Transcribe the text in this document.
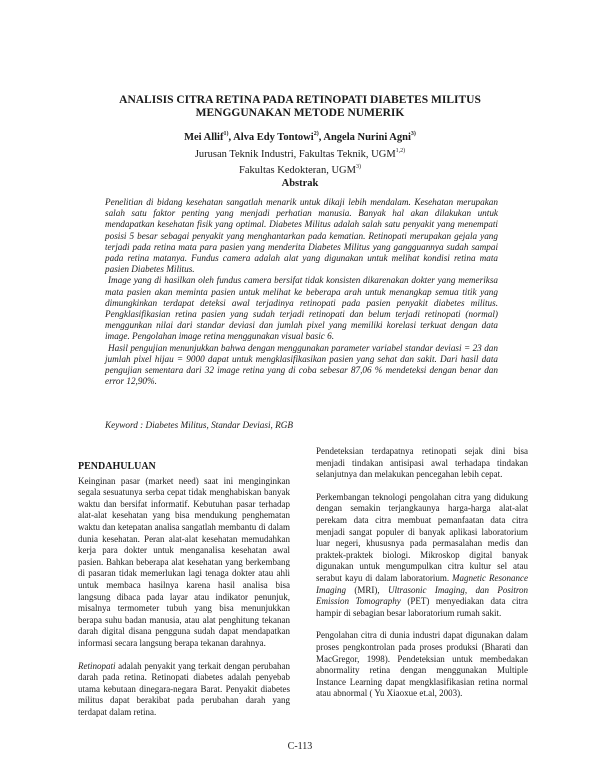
ANALISIS CITRA RETINA PADA RETINOPATI DIABETES MILITUS
MENGGUNAKAN METODE NUMERIK
Mei Allif$^{1)}$, Alva Edy Tontowi$^{2)}$, Angela Nurini Agni$^{3)}$
Jurusan Teknik Industri, Fakultas Teknik, UGM$^{1,2)}$
Fakultas Kedokteran, UGM$^{3)}$
Abstrak

Penelitian di bidang kesehatan sangatlah menarik untuk dikaji lebih mendalam. Kesehatan merupakan salah satu faktor penting yang menjadi perhatian manusia. Banyak hal akan dilakukan untuk mendapatkan kesehatan fisik yang optimal. Diabetes Militus adalah salah satu penyakit yang menempati posisi 5 besar sebagai penyakit yang menghantarkan pada kematian. Retinopati merupakan gejala yang terjadi pada retina mata para pasien yang menderita Diabetes Militus yang gangguannya sudah sampai pada retina matanya. Fundus camera adalah alat yang digunakan untuk melihat kondisi retina mata pasien Diabetes Militus.

Image yang di hasilkan oleh fundus camera bersifat tidak konsisten dikarenakan dokter yang memeriksa mata pasien akan meminta pasien untuk melihat ke beberapa arah untuk menangkap semua titik yang dimungkinkan terdapat deteksi awal terjadinya retinopati pada pasien penyakit diabetes militus. Pengklasifikasian retina pasien yang sudah terjadi retinopati dan belum terjadi retinopati (normal) menggunkan nilai dari standar deviasi dan jumlah pixel yang memiliki korelasi terkuat dengan data image. Pengolahan image retina menggunakan visual basic 6.

Hasil pengujian menunjukkan bahwa dengan menggunakan parameter variabel standar deviasi = 23 dan jumlah pixel hijau = 9000 dapat untuk mengklasifikasikan pasien yang sehat dan sakit. Dari hasil data pengujian sementara dari 32 image retina yang di coba sebesar 87,06 % mendeteksi dengan benar dan error 12,90%.

Keyword : Diabetes Militus, Standar Deviasi, RGB
PENDAHULUAN

Keinginan pasar (market need) saat ini menginginkan segala sesuatunya serba cepat tidak menghabiskan banyak waktu dan bersifat informatif. Kebutuhan pasar terhadap alat-alat kesehatan yang bisa mendukung penghematan waktu dan ketepatan analisa sangatlah membantu di dalam dunia kesehatan. Peran alat-alat kesehatan memudahkan kerja para dokter untuk menganalisa kesehatan awal pasien. Bahkan beberapa alat kesehatan yang berkembang di pasaran tidak memerlukan lagi tenaga dokter atau ahli untuk membaca hasilnya karena hasil analisa bisa langsung dibaca pada layar atau indikator penunjuk, misalnya termometer tubuh yang bisa menunjukkan berapa suhu badan manusia, atau alat penghitung tekanan darah digital disana pengguna sudah dapat mendapatkan informasi secara langsung berapa tekanan darahnya.

Retinopati adalah penyakit yang terkait dengan perubahan darah pada retina. Retinopati diabetes adalah penyebab utama kebutaan dinegara-negara Barat. Penyakit diabetes militus dapat berakibat pada perubahan darah yang terdapat dalam retina.

Pendeteksian terdapatnya retinopati sejak dini bisa menjadi tindakan antisipasi awal terhadapa tindakan selanjutnya dan melakukan pencegahan lebih cepat.

Perkembangan teknologi pengolahan citra yang didukung dengan semakin terjangkaunya harga-harga alat-alat perekam data citra membuat pemanfaatan data citra menjadi sangat populer di banyak aplikasi laboratorium luar negeri, khususnya pada permasalahan medis dan praktek-praktek biologi. Mikroskop digital banyak digunakan untuk mengumpulkan citra kultur sel atau serabut kayu di dalam laboratorium. Magnetic Resonance Imaging (MRI), Ultrasonic Imaging, dan Positron Emission Tomography (PET) menyediakan data citra hampir di sebagian besar laboratorium rumah sakit.

Pengolahan citra di dunia industri dapat digunakan dalam proses pengkontrolan pada proses produksi (Bharati dan MacGregor, 1998). Pendeteksian untuk membedakan abnormality retina dengan menggunakan Multiple Instance Learning dapat mengklasifikasian retina normal atau abnormal ( Yu Xiaoxue et.al, 2003).

C-113
